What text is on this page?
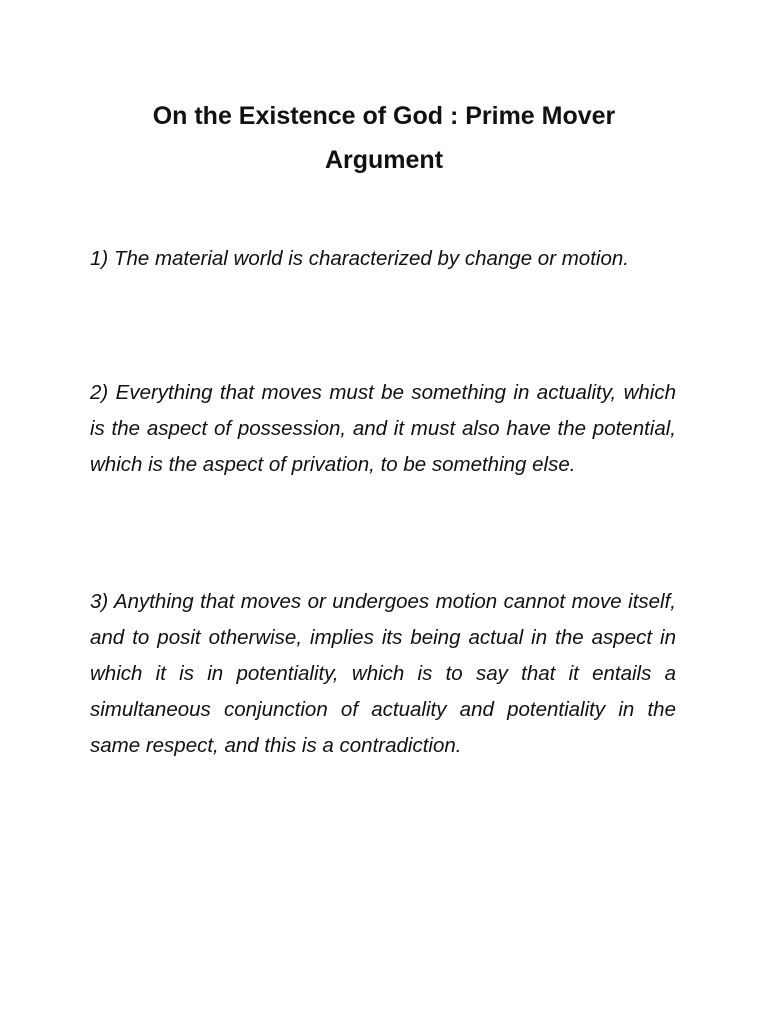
On the Existence of God : Prime Mover Argument

1) The material world is characterized by change or motion.

2) Everything that moves must be something in actuality, which is the aspect of possession, and it must also have the potential, which is the aspect of privation, to be something else.

3) Anything that moves or undergoes motion cannot move itself, and to posit otherwise, implies its being actual in the aspect in which it is in potentiality, which is to say that it entails a simultaneous conjunction of actuality and potentiality in the same respect, and this is a contradiction.
